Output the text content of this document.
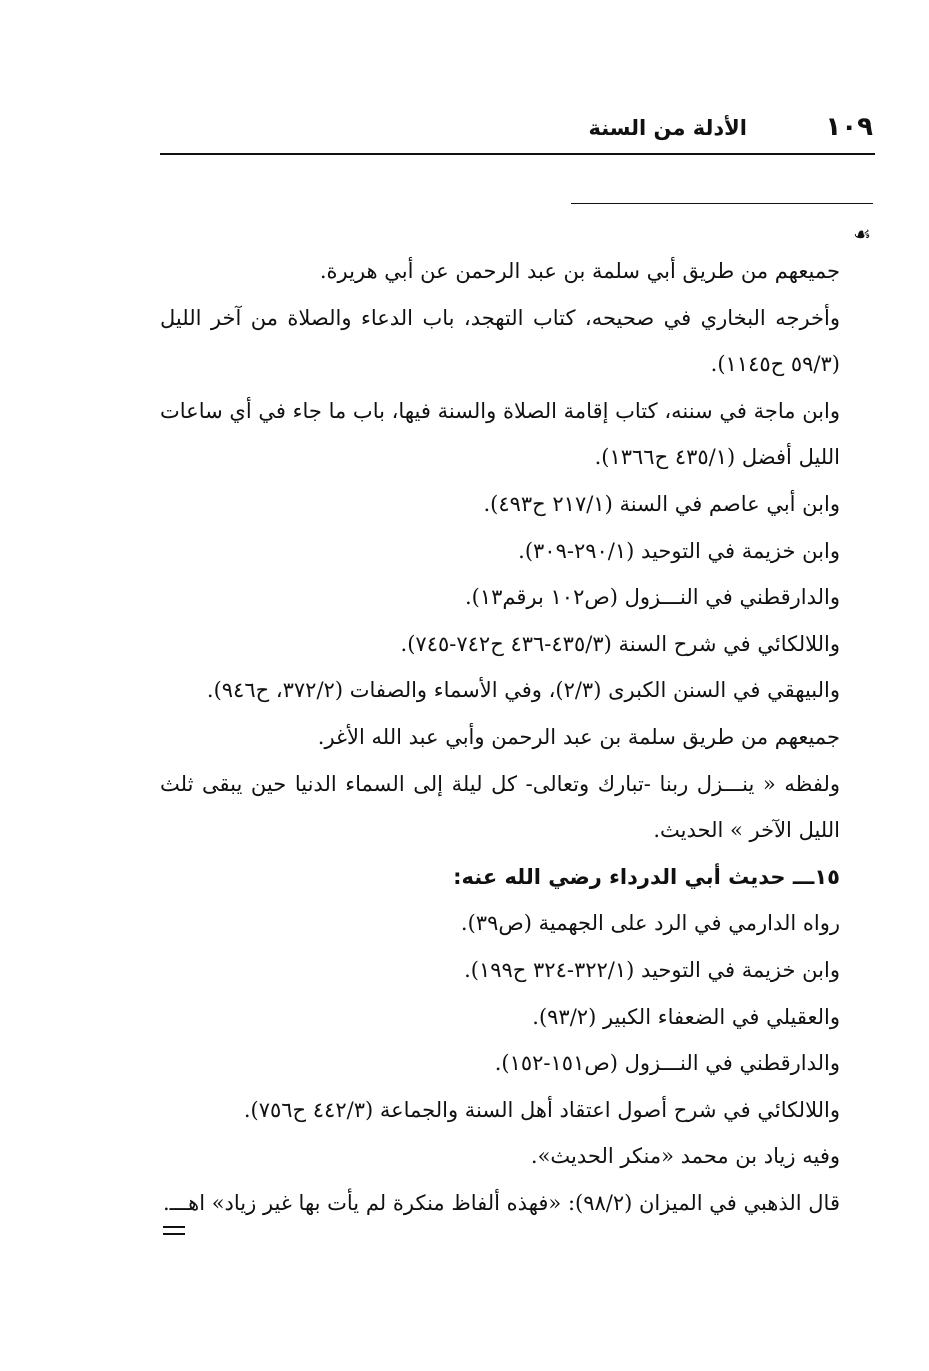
١٠٩
الأدلة من السنة
☙
جميعهم من طريق أبي سلمة بن عبد الرحمن عن أبي هريرة.
وأخرجه البخاري في صحيحه، كتاب التهجد، باب الدعاء والصلاة من آخر الليل
(٥٩/٣ ح١١٤٥).
وابن ماجة في سننه، كتاب إقامة الصلاة والسنة فيها، باب ما جاء في أي ساعات
الليل أفضل (٤٣٥/١ ح١٣٦٦).
وابن أبي عاصم في السنة (٢١٧/١ ح٤٩٣).
وابن خزيمة في التوحيد (٢٩٠/١-٣٠٩).
والدارقطني في النـــزول (ص١٠٢ برقم١٣).
واللالكائي في شرح السنة (٤٣٥/٣-٤٣٦ ح٧٤٢-٧٤٥).
والبيهقي في السنن الكبرى (٢/٣)، وفي الأسماء والصفات (٣٧٢/٢، ح٩٤٦).
جميعهم من طريق سلمة بن عبد الرحمن وأبي عبد الله الأغر.
ولفظه « ينـــزل ربنا -تبارك وتعالى- كل ليلة إلى السماء الدنيا حين يبقى ثلث
الليل الآخر » الحديث.
١٥ـــ حديث أبي الدرداء رضي الله عنه:
رواه الدارمي في الرد على الجهمية (ص٣٩).
وابن خزيمة في التوحيد (٣٢٢/١-٣٢٤ ح١٩٩).
والعقيلي في الضعفاء الكبير (٩٣/٢).
والدارقطني في النـــزول (ص١٥١-١٥٢).
واللالكائي في شرح أصول اعتقاد أهل السنة والجماعة (٤٤٢/٣ ح٧٥٦).
وفيه زياد بن محمد «منكر الحديث».
قال الذهبي في الميزان (٩٨/٢): «فهذه ألفاظ منكرة لم يأت بها غير زياد» اهـــ.
